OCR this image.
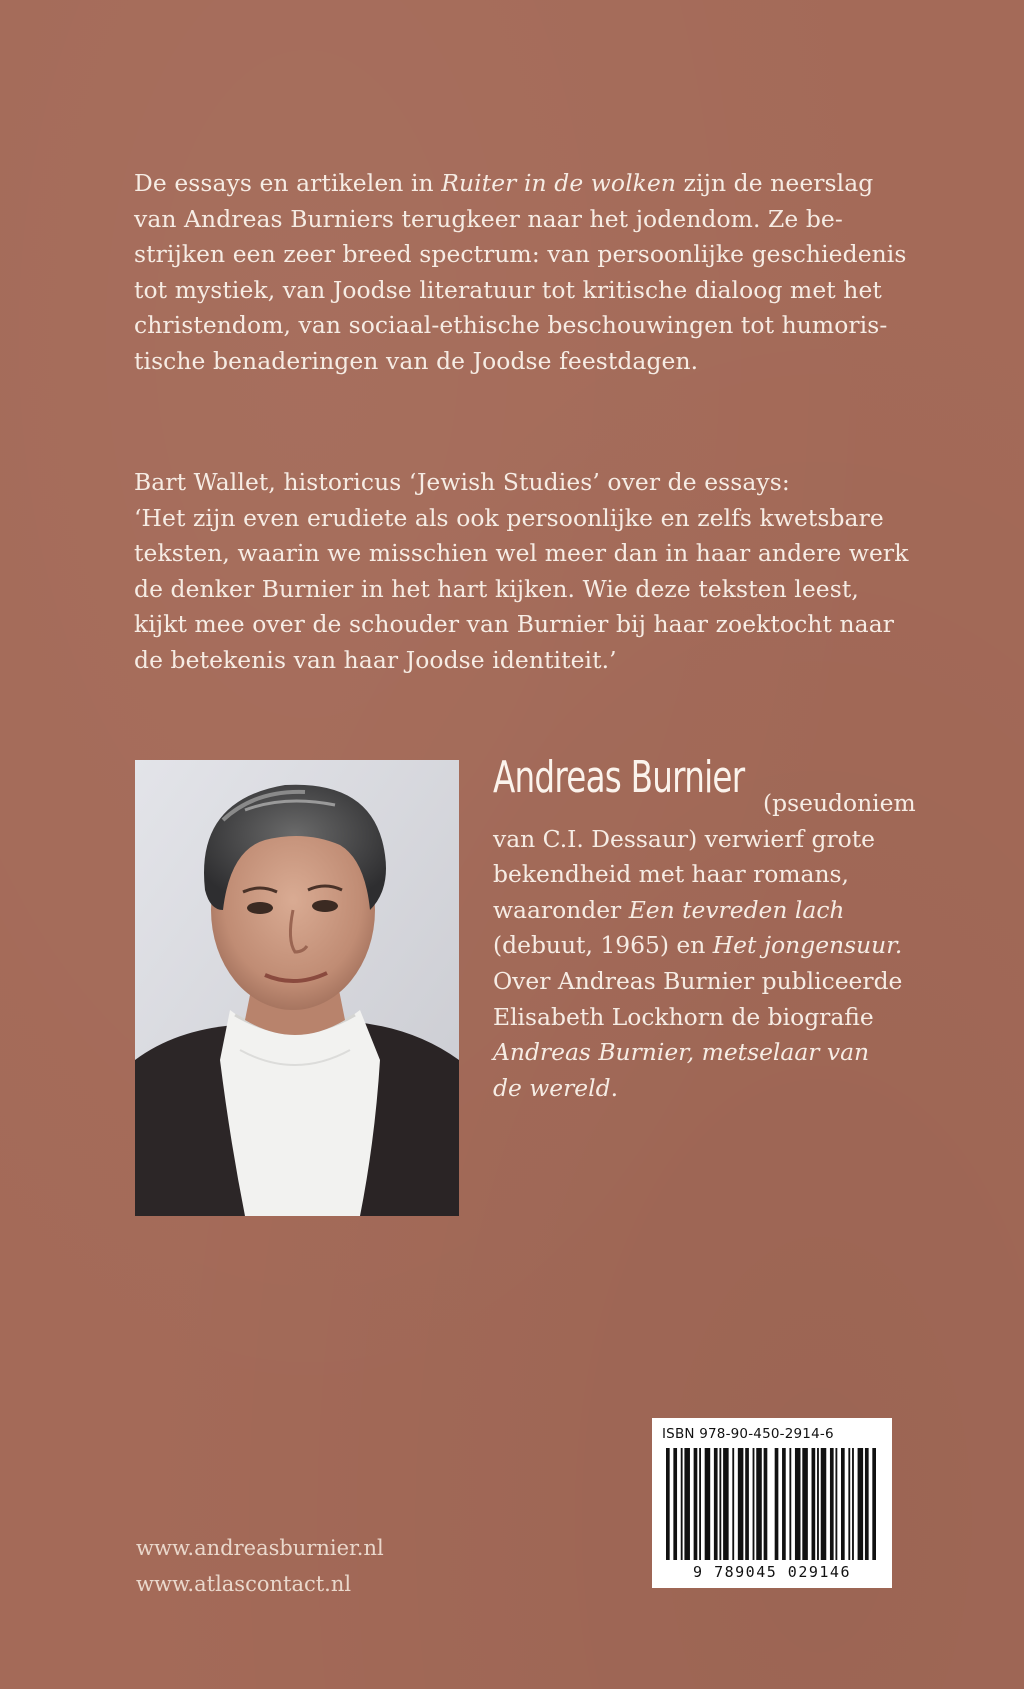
De essays en artikelen in Ruiter in de wolken zijn de neerslag
van Andreas Burniers terugkeer naar het jodendom. Ze be-
strijken een zeer breed spectrum: van persoonlijke geschiedenis
tot mystiek, van Joodse literatuur tot kritische dialoog met het
christendom, van sociaal-ethische beschouwingen tot humoris-
tische benaderingen van de Joodse feestdagen.
Bart Wallet, historicus ‘Jewish Studies’ over de essays:
‘Het zijn even erudiete als ook persoonlijke en zelfs kwetsbare
teksten, waarin we misschien wel meer dan in haar andere werk
de denker Burnier in het hart kijken. Wie deze teksten leest,
kijkt mee over de schouder van Burnier bij haar zoektocht naar
de betekenis van haar Joodse identiteit.’
Andreas Burnier (pseudoniem
van C.I. Dessaur) verwierf grote
bekendheid met haar romans,
waaronder Een tevreden lach
(debuut, 1965) en Het jongensuur.
Over Andreas Burnier publiceerde
Elisabeth Lockhorn de biografie
Andreas Burnier, metselaar van
de wereld.
www.andreasburnier.nl
www.atlascontact.nl
ISBN 978-90-450-2914-6
9 789045 029146
